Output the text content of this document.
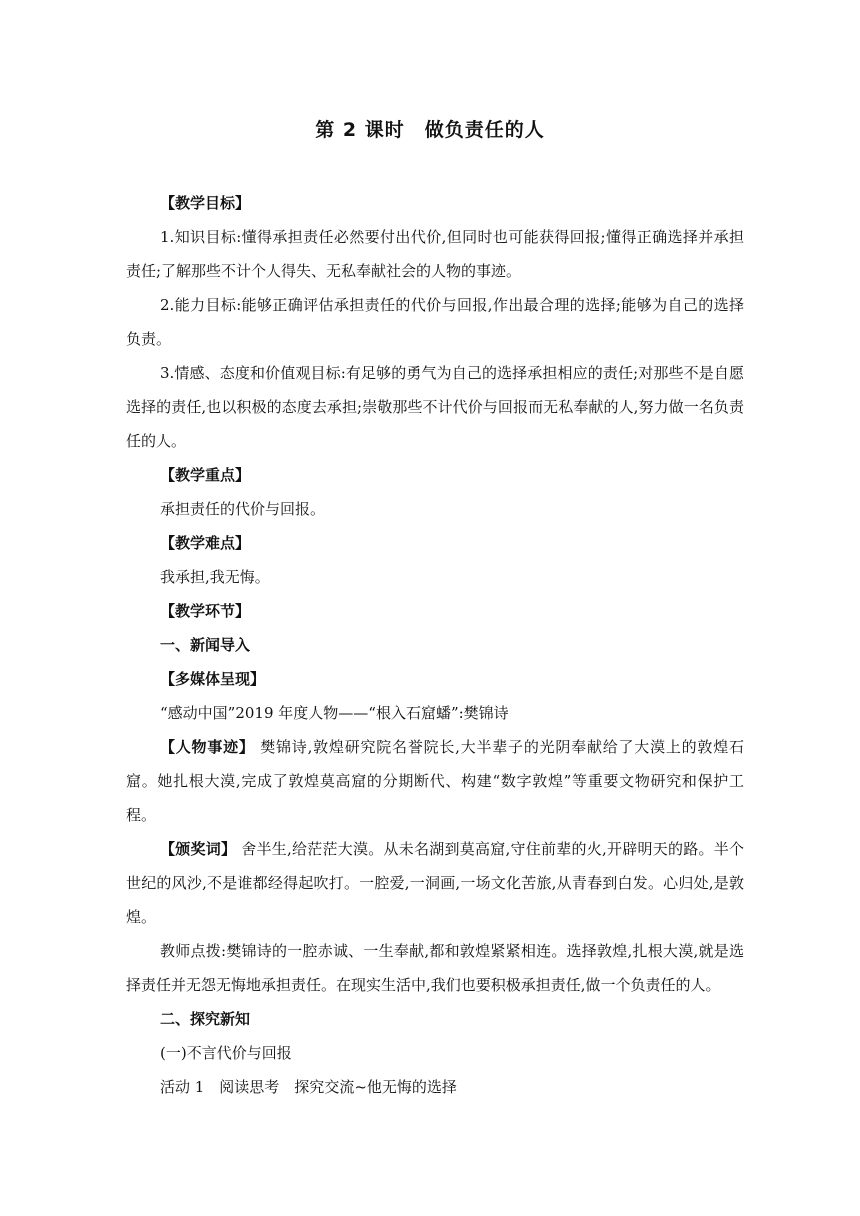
第 2 课时　做负责任的人

【教学目标】

1.知识目标:懂得承担责任必然要付出代价,但同时也可能获得回报;懂得正确选择并承担责任;了解那些不计个人得失、无私奉献社会的人物的事迹。

2.能力目标:能够正确评估承担责任的代价与回报,作出最合理的选择;能够为自己的选择负责。

3.情感、态度和价值观目标:有足够的勇气为自己的选择承担相应的责任;对那些不是自愿选择的责任,也以积极的态度去承担;崇敬那些不计代价与回报而无私奉献的人,努力做一名负责任的人。

【教学重点】

承担责任的代价与回报。

【教学难点】

我承担,我无悔。

【教学环节】

一、新闻导入

【多媒体呈现】

“感动中国”2019 年度人物——“根入石窟蟠”:樊锦诗

【人物事迹】 樊锦诗,敦煌研究院名誉院长,大半辈子的光阴奉献给了大漠上的敦煌石窟。她扎根大漠,完成了敦煌莫高窟的分期断代、构建“数字敦煌”等重要文物研究和保护工程。

【颁奖词】 舍半生,给茫茫大漠。从未名湖到莫高窟,守住前辈的火,开辟明天的路。半个世纪的风沙,不是谁都经得起吹打。一腔爱,一洞画,一场文化苦旅,从青春到白发。心归处,是敦煌。

教师点拨:樊锦诗的一腔赤诚、一生奉献,都和敦煌紧紧相连。选择敦煌,扎根大漠,就是选择责任并无怨无悔地承担责任。在现实生活中,我们也要积极承担责任,做一个负责任的人。

二、探究新知

(一)不言代价与回报

活动 1　阅读思考　探究交流~他无悔的选择
